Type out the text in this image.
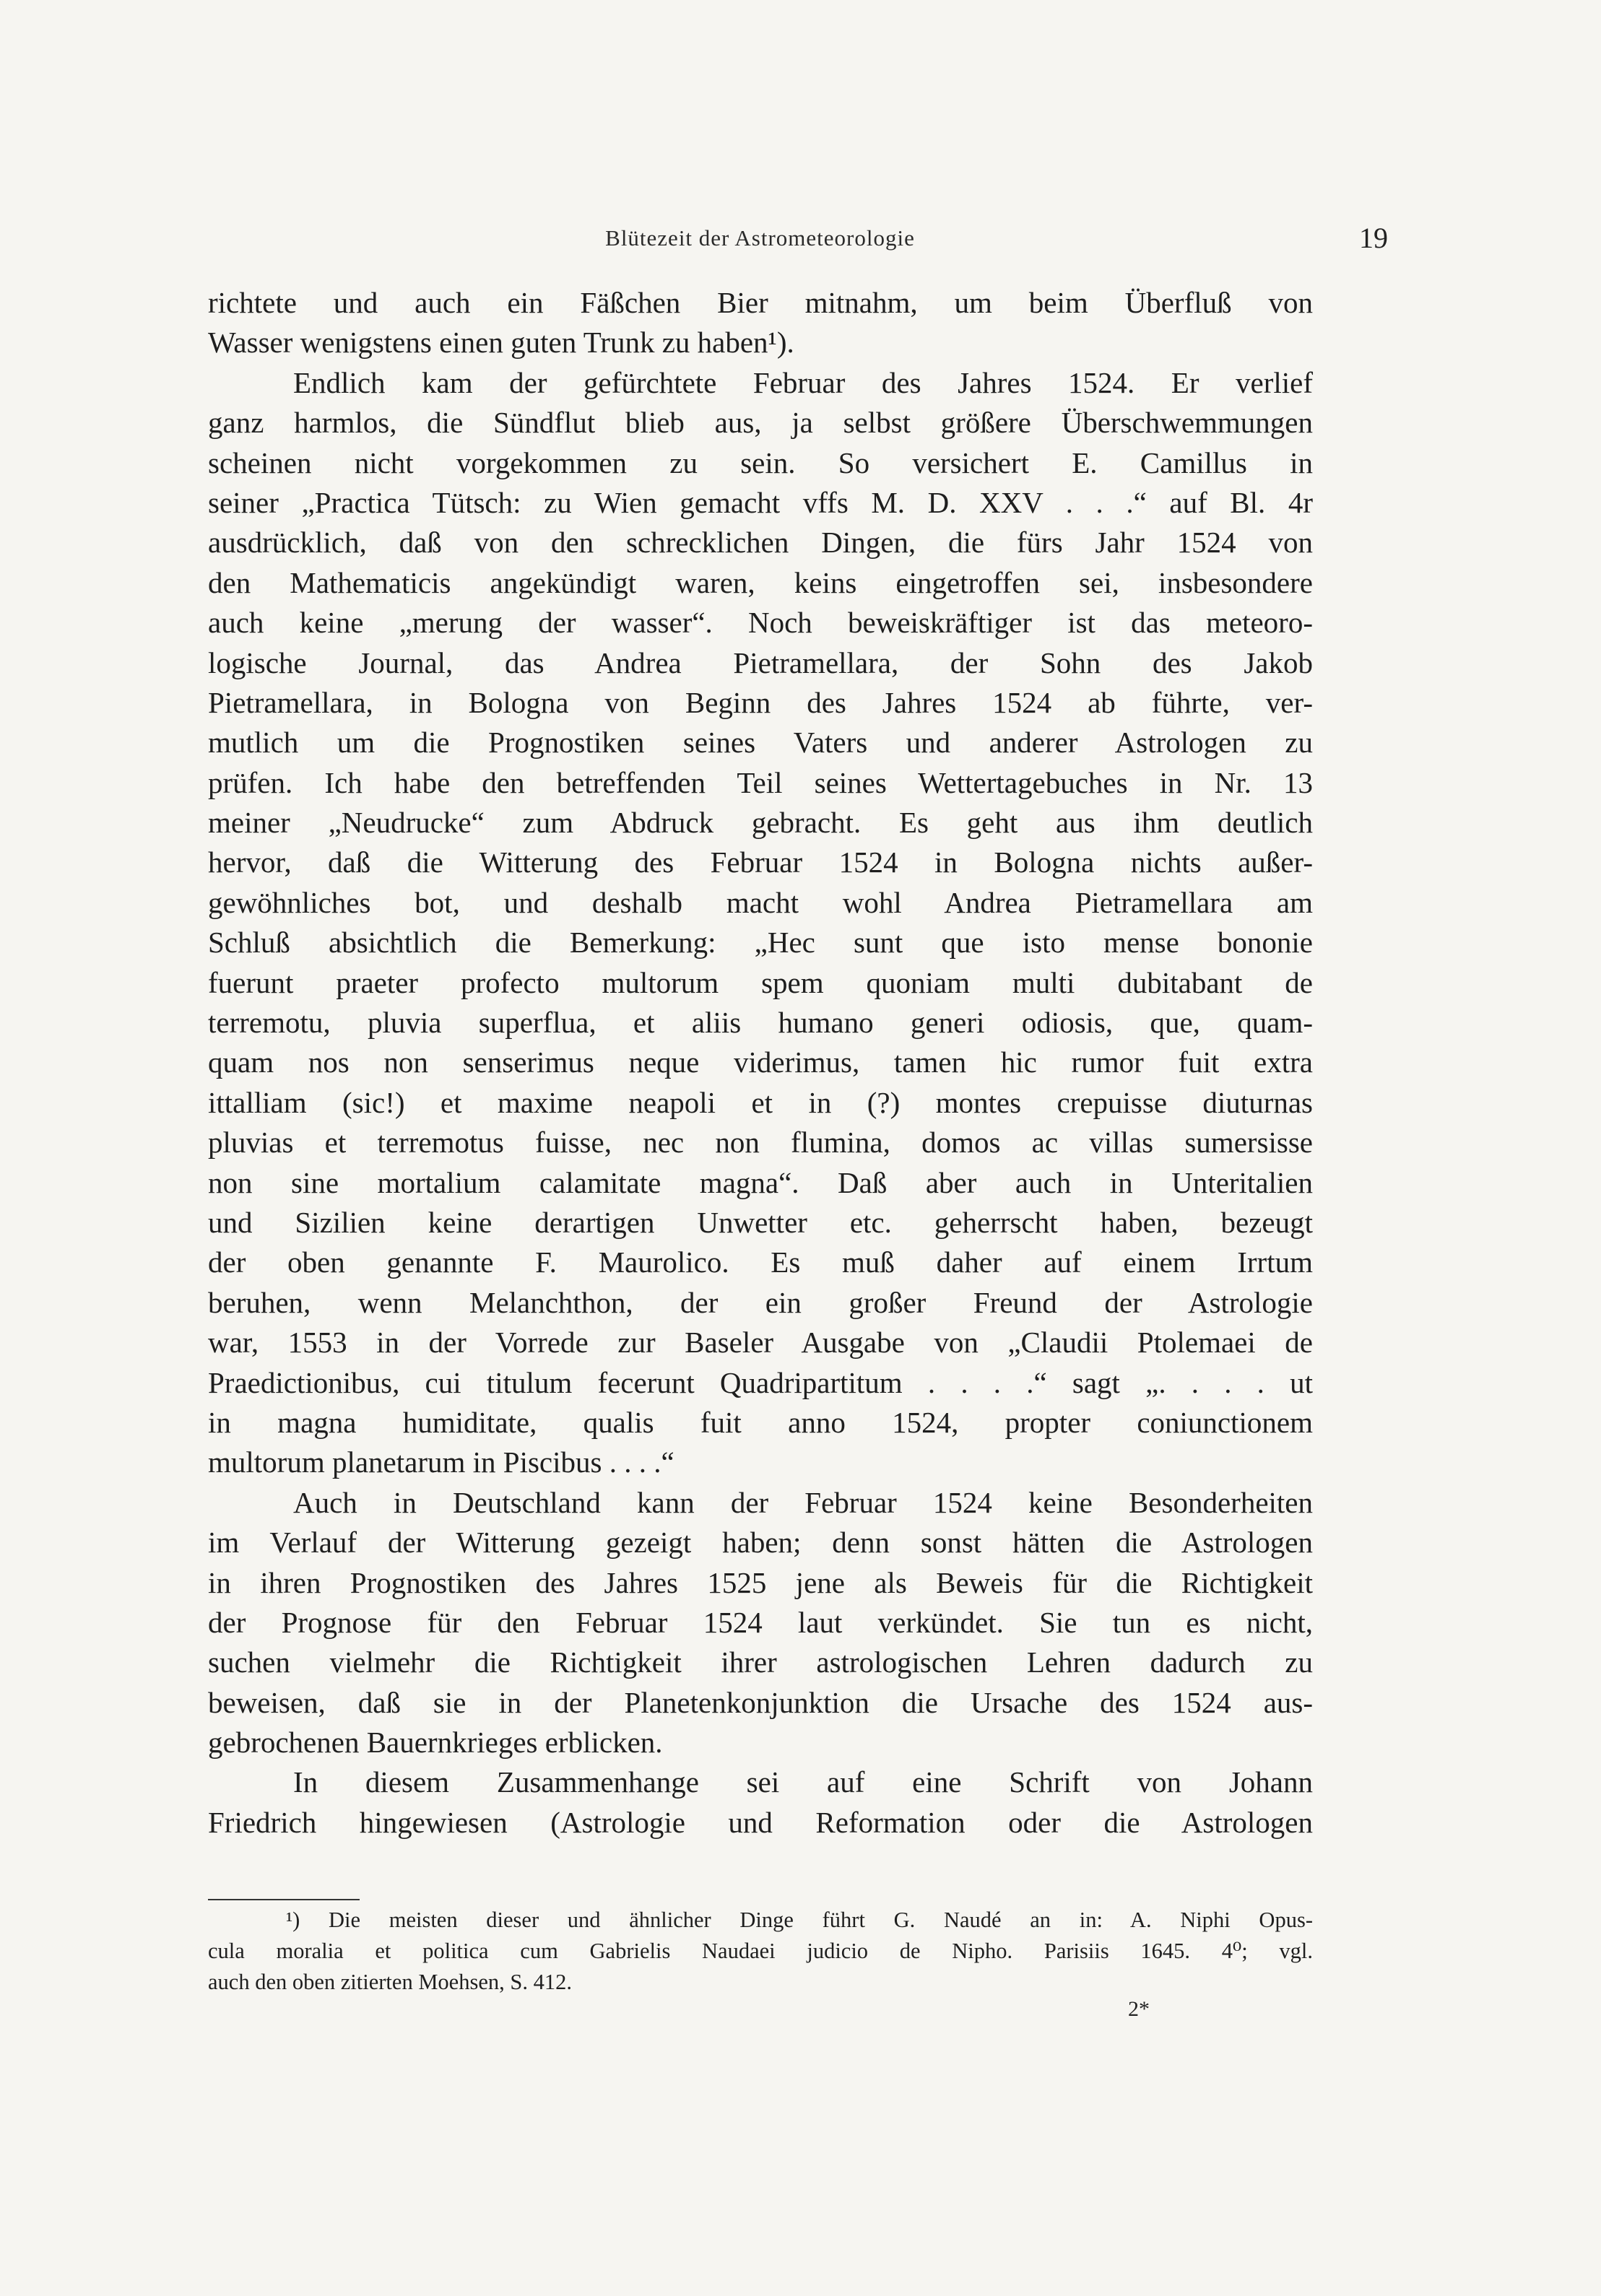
Blütezeit der Astrometeorologie	19
richtete und auch ein Fäßchen Bier mitnahm, um beim Überfluß von
Wasser wenigstens einen guten Trunk zu haben¹).
Endlich kam der gefürchtete Februar des Jahres 1524. Er verlief
ganz harmlos, die Sündflut blieb aus, ja selbst größere Überschwemmungen
scheinen nicht vorgekommen zu sein. So versichert E. Camillus in
seiner „Practica Tütsch: zu Wien gemacht vffs M. D. XXV . . .“ auf Bl. 4r
ausdrücklich, daß von den schrecklichen Dingen, die fürs Jahr 1524 von
den Mathematicis angekündigt waren, keins eingetroffen sei, insbesondere
auch keine „merung der wasser“. Noch beweiskräftiger ist das meteoro-
logische Journal, das Andrea Pietramellara, der Sohn des Jakob
Pietramellara, in Bologna von Beginn des Jahres 1524 ab führte, ver-
mutlich um die Prognostiken seines Vaters und anderer Astrologen zu
prüfen. Ich habe den betreffenden Teil seines Wettertagebuches in Nr. 13
meiner „Neudrucke“ zum Abdruck gebracht. Es geht aus ihm deutlich
hervor, daß die Witterung des Februar 1524 in Bologna nichts außer-
gewöhnliches bot, und deshalb macht wohl Andrea Pietramellara am
Schluß absichtlich die Bemerkung: „Hec sunt que isto mense bononie
fuerunt praeter profecto multorum spem quoniam multi dubitabant de
terremotu, pluvia superflua, et aliis humano generi odiosis, que, quam-
quam nos non senserimus neque viderimus, tamen hic rumor fuit extra
ittalliam (sic!) et maxime neapoli et in (?) montes crepuisse diuturnas
pluvias et terremotus fuisse, nec non flumina, domos ac villas sumersisse
non sine mortalium calamitate magna“. Daß aber auch in Unteritalien
und Sizilien keine derartigen Unwetter etc. geherrscht haben, bezeugt
der oben genannte F. Maurolico. Es muß daher auf einem Irrtum
beruhen, wenn Melanchthon, der ein großer Freund der Astrologie
war, 1553 in der Vorrede zur Baseler Ausgabe von „Claudii Ptolemaei de
Praedictionibus, cui titulum fecerunt Quadripartitum . . . .“ sagt „. . . . ut
in magna humiditate, qualis fuit anno 1524, propter coniunctionem
multorum planetarum in Piscibus . . . .“
Auch in Deutschland kann der Februar 1524 keine Besonderheiten
im Verlauf der Witterung gezeigt haben; denn sonst hätten die Astrologen
in ihren Prognostiken des Jahres 1525 jene als Beweis für die Richtigkeit
der Prognose für den Februar 1524 laut verkündet. Sie tun es nicht,
suchen vielmehr die Richtigkeit ihrer astrologischen Lehren dadurch zu
beweisen, daß sie in der Planetenkonjunktion die Ursache des 1524 aus-
gebrochenen Bauernkrieges erblicken.
In diesem Zusammenhange sei auf eine Schrift von Johann
Friedrich hingewiesen (Astrologie und Reformation oder die Astrologen
¹) Die meisten dieser und ähnlicher Dinge führt G. Naudé an in: A. Niphi Opus-
cula moralia et politica cum Gabrielis Naudaei judicio de Nipho. Parisiis 1645. 4⁰; vgl.
auch den oben zitierten Moehsen, S. 412.
2*
